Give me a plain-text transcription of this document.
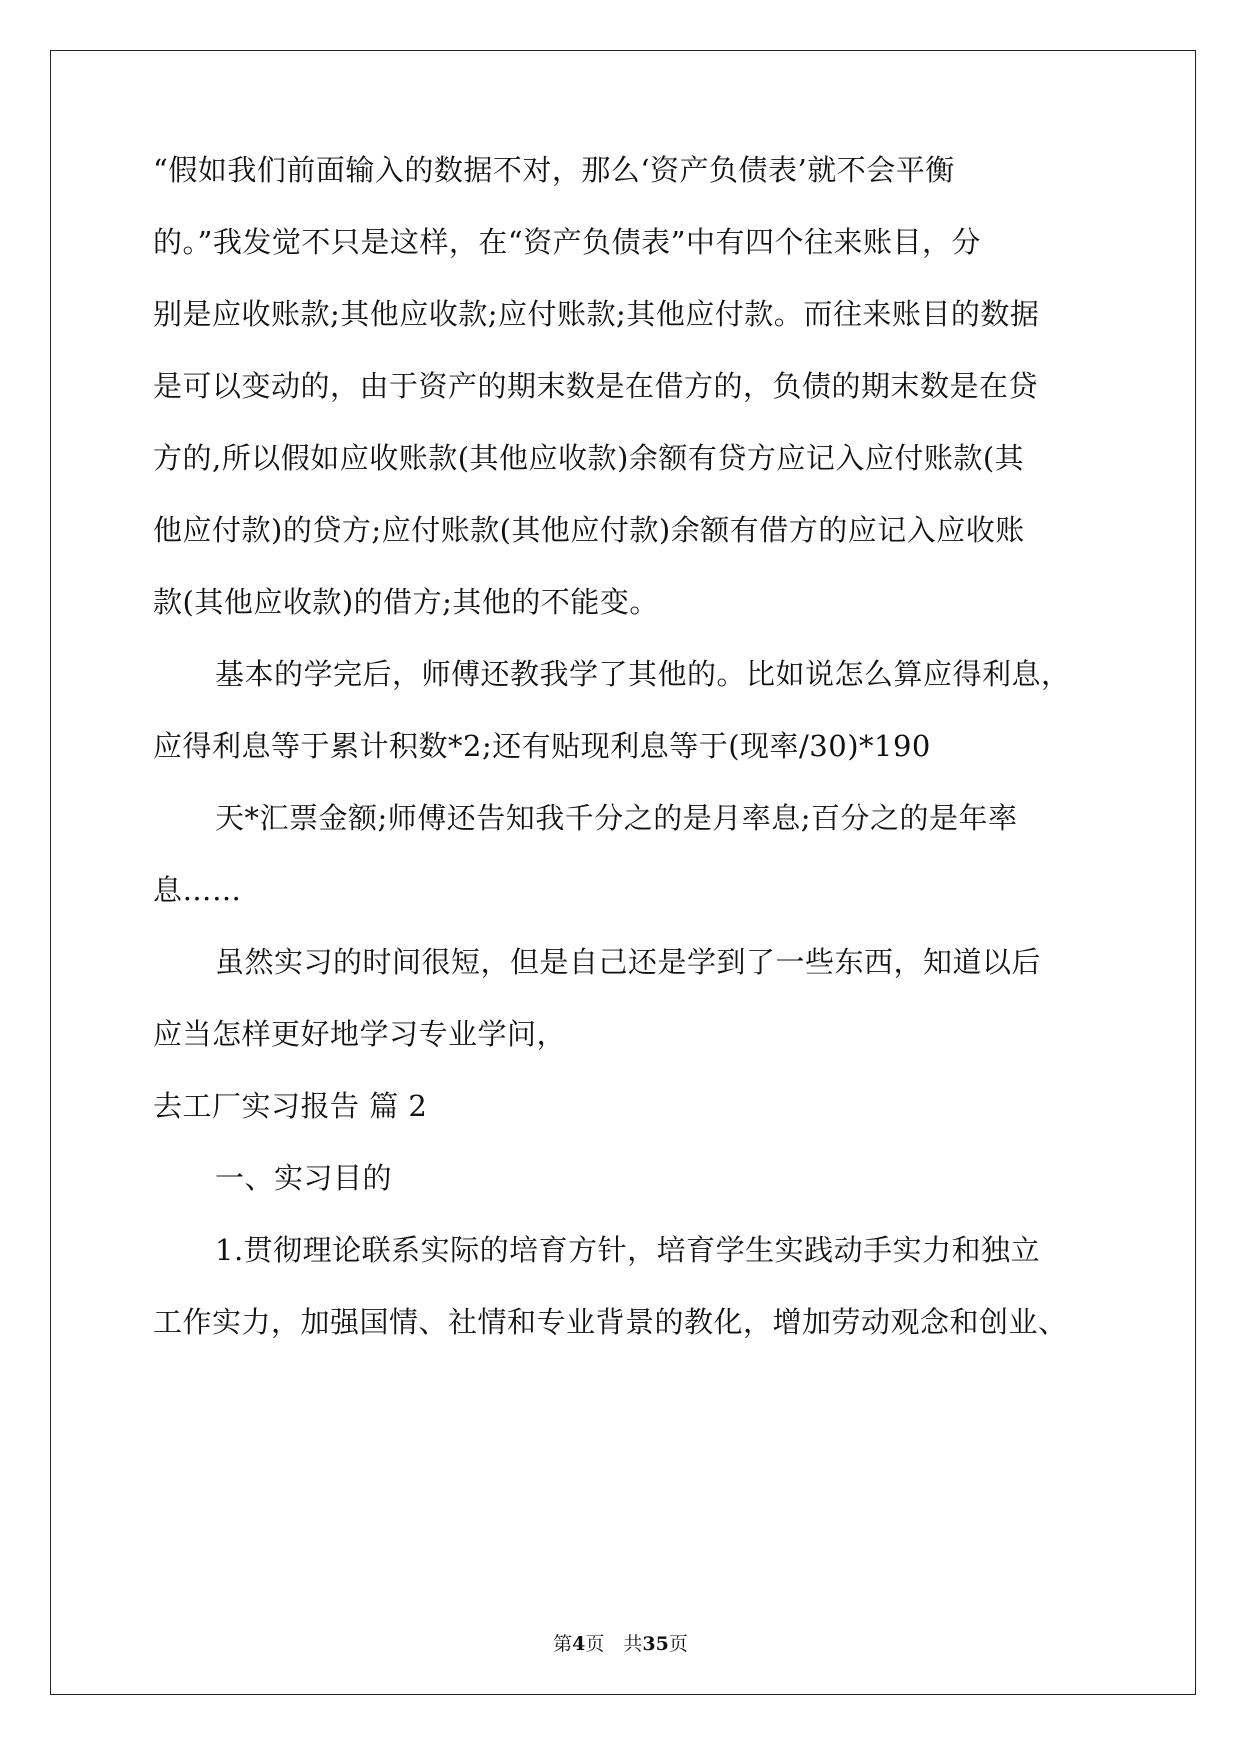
“假如我们前面输入的数据不对，那么‘资产负债表’就不会平衡
的。”我发觉不只是这样，在“资产负债表”中有四个往来账目，分
别是应收账款;其他应收款;应付账款;其他应付款。而往来账目的数据
是可以变动的，由于资产的期末数是在借方的，负债的期末数是在贷
方的,所以假如应收账款(其他应收款)余额有贷方应记入应付账款(其
他应付款)的贷方;应付账款(其他应付款)余额有借方的应记入应收账
款(其他应收款)的借方;其他的不能变。
基本的学完后，师傅还教我学了其他的。比如说怎么算应得利息，
应得利息等于累计积数*2;还有贴现利息等于(现率/30)*190
天*汇票金额;师傅还告知我千分之的是月率息;百分之的是年率
息……
虽然实习的时间很短，但是自己还是学到了一些东西，知道以后
应当怎样更好地学习专业学问，
去工厂实习报告 篇 2
一、实习目的
1.贯彻理论联系实际的培育方针，培育学生实践动手实力和独立
工作实力，加强国情、社情和专业背景的教化，增加劳动观念和创业、
第4页　共35页
